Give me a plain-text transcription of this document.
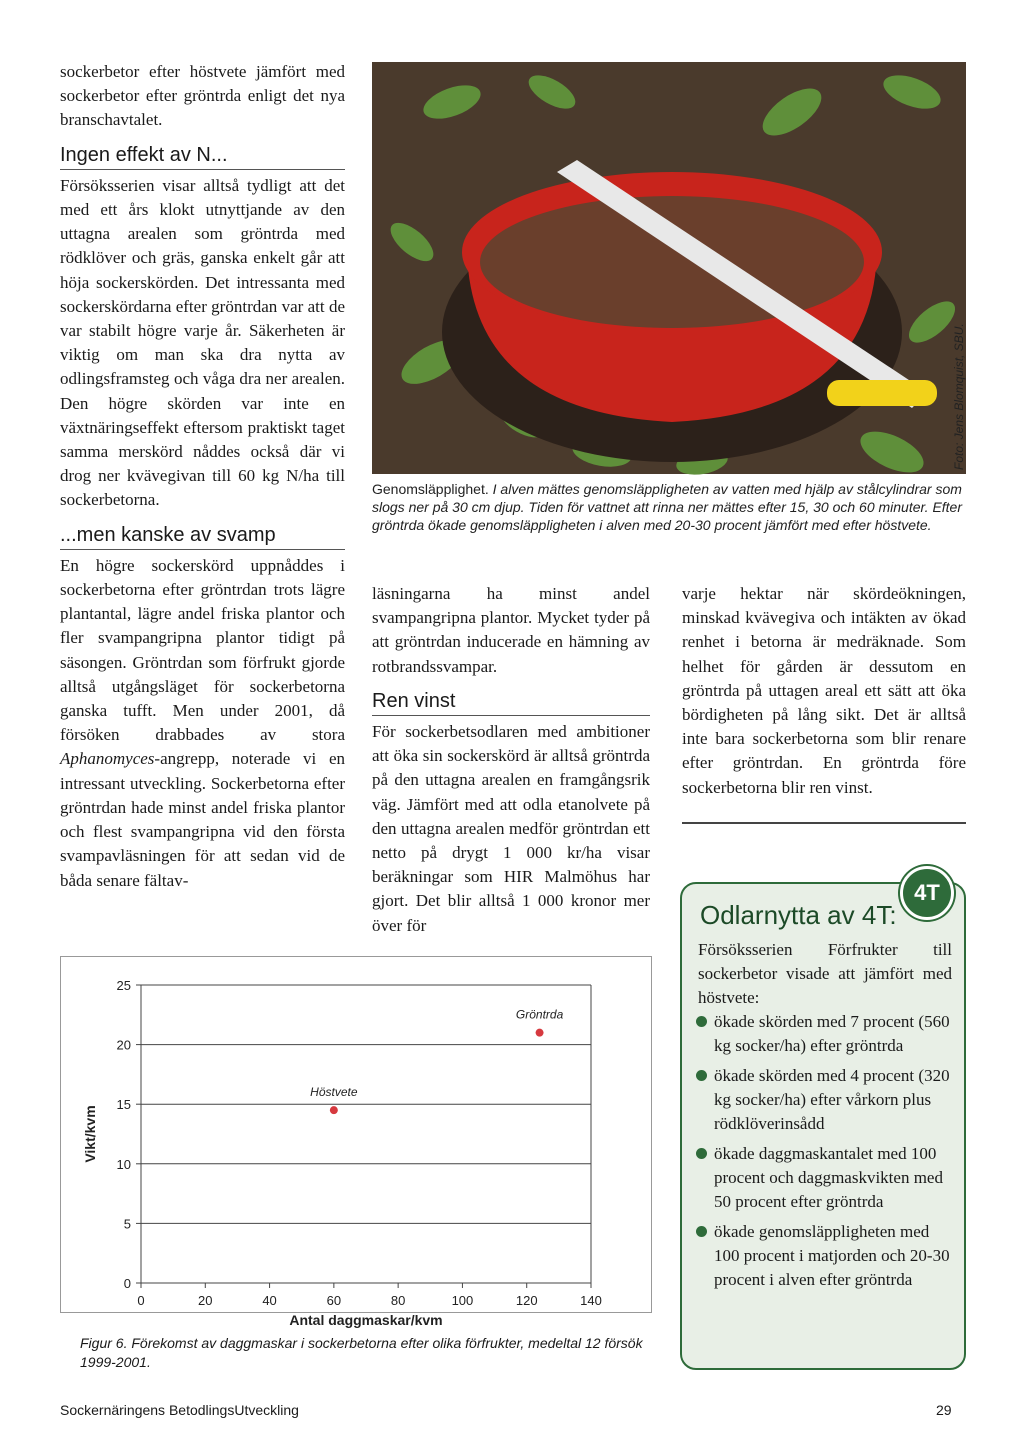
sockerbetor efter höstvete jämfört med sockerbetor efter gröntrda enligt det nya branschavtalet.

Ingen effekt av N...

Försöksserien visar alltså tydligt att det med ett års klokt utnyttjande av den uttagna arealen som gröntrda med rödklöver och gräs, ganska enkelt går att höja sockerskörden. Det intressanta med sockerskördarna efter gröntrdan var att de var stabilt högre varje år. Säkerheten är viktig om man ska dra nytta av odlingsframsteg och våga dra ner arealen. Den högre skörden var inte en växtnäringseffekt eftersom praktiskt taget samma merskörd nåddes också där vi drog ner kvävegivan till 60 kg N/ha till sockerbetorna.

...men kanske av svamp

En högre sockerskörd uppnåddes i sockerbetorna efter gröntrdan trots lägre plantantal, lägre andel friska plantor och fler svampangripna plantor tidigt på säsongen. Gröntrdan som förfrukt gjorde alltså utgångsläget för sockerbetorna ganska tufft. Men under 2001, då försöken drabbades av stora Aphanomyces-angrepp, noterade vi en intressant utveckling. Sockerbetorna efter gröntrdan hade minst andel friska plantor och flest svampangripna vid den första svampavläsningen för att sedan vid de båda senare fältav-

Genomsläpplighet. I alven mättes genomsläppligheten av vatten med hjälp av stålcylindrar som slogs ner på 30 cm djup. Tiden för vattnet att rinna ner mättes efter 15, 30 och 60 minuter. Efter gröntrda ökade genomsläppligheten i alven med 20-30 procent jämfört med efter höstvete.

läsningarna ha minst andel svampangripna plantor. Mycket tyder på att gröntrdan inducerade en hämning av rotbrandssvampar.

Ren vinst

För sockerbetsodlaren med ambitioner att öka sin sockerskörd är alltså gröntrda på den uttagna arealen en framgångsrik väg. Jämfört med att odla etanolvete på den uttagna arealen medför gröntrdan ett netto på drygt 1 000 kr/ha visar beräkningar som HIR Malmöhus har gjort. Det blir alltså 1 000 kronor mer över för

varje hektar när skördeökningen, minskad kvävegiva och intäkten av ökad renhet i betorna är medräknade. Som helhet för gården är dessutom en gröntrda på uttagen areal ett sätt att öka bördigheten på lång sikt. Det är alltså inte bara sockerbetorna som blir renare efter gröntrdan. En gröntrda före sockerbetorna blir ren vinst.

0
5
10
15
20
25
0	20	40	60	80	100	120	140
Antal daggmaskar/kvm
Vikt/kvm
Höstvete
Gröntrda
Figur 6. Förekomst av daggmaskar i sockerbetorna efter olika förfrukter, medeltal 12 försök 1999-2001.
Odlarnytta av 4T:
4T
Försöksserien Förfrukter till sockerbetor visade att jämfört med höstvete:
ökade skörden med 7 procent (560 kg socker/ha) efter gröntrda
ökade skörden med 4 procent (320 kg socker/ha) efter vårkorn plus rödklöverinsådd
ökade daggmaskantalet med 100 procent och daggmaskvikten med 50 procent efter gröntrda
ökade genomsläppligheten med 100 procent i matjorden och 20-30 procent i alven efter gröntrda
Sockernäringens BetodlingsUtveckling	29
